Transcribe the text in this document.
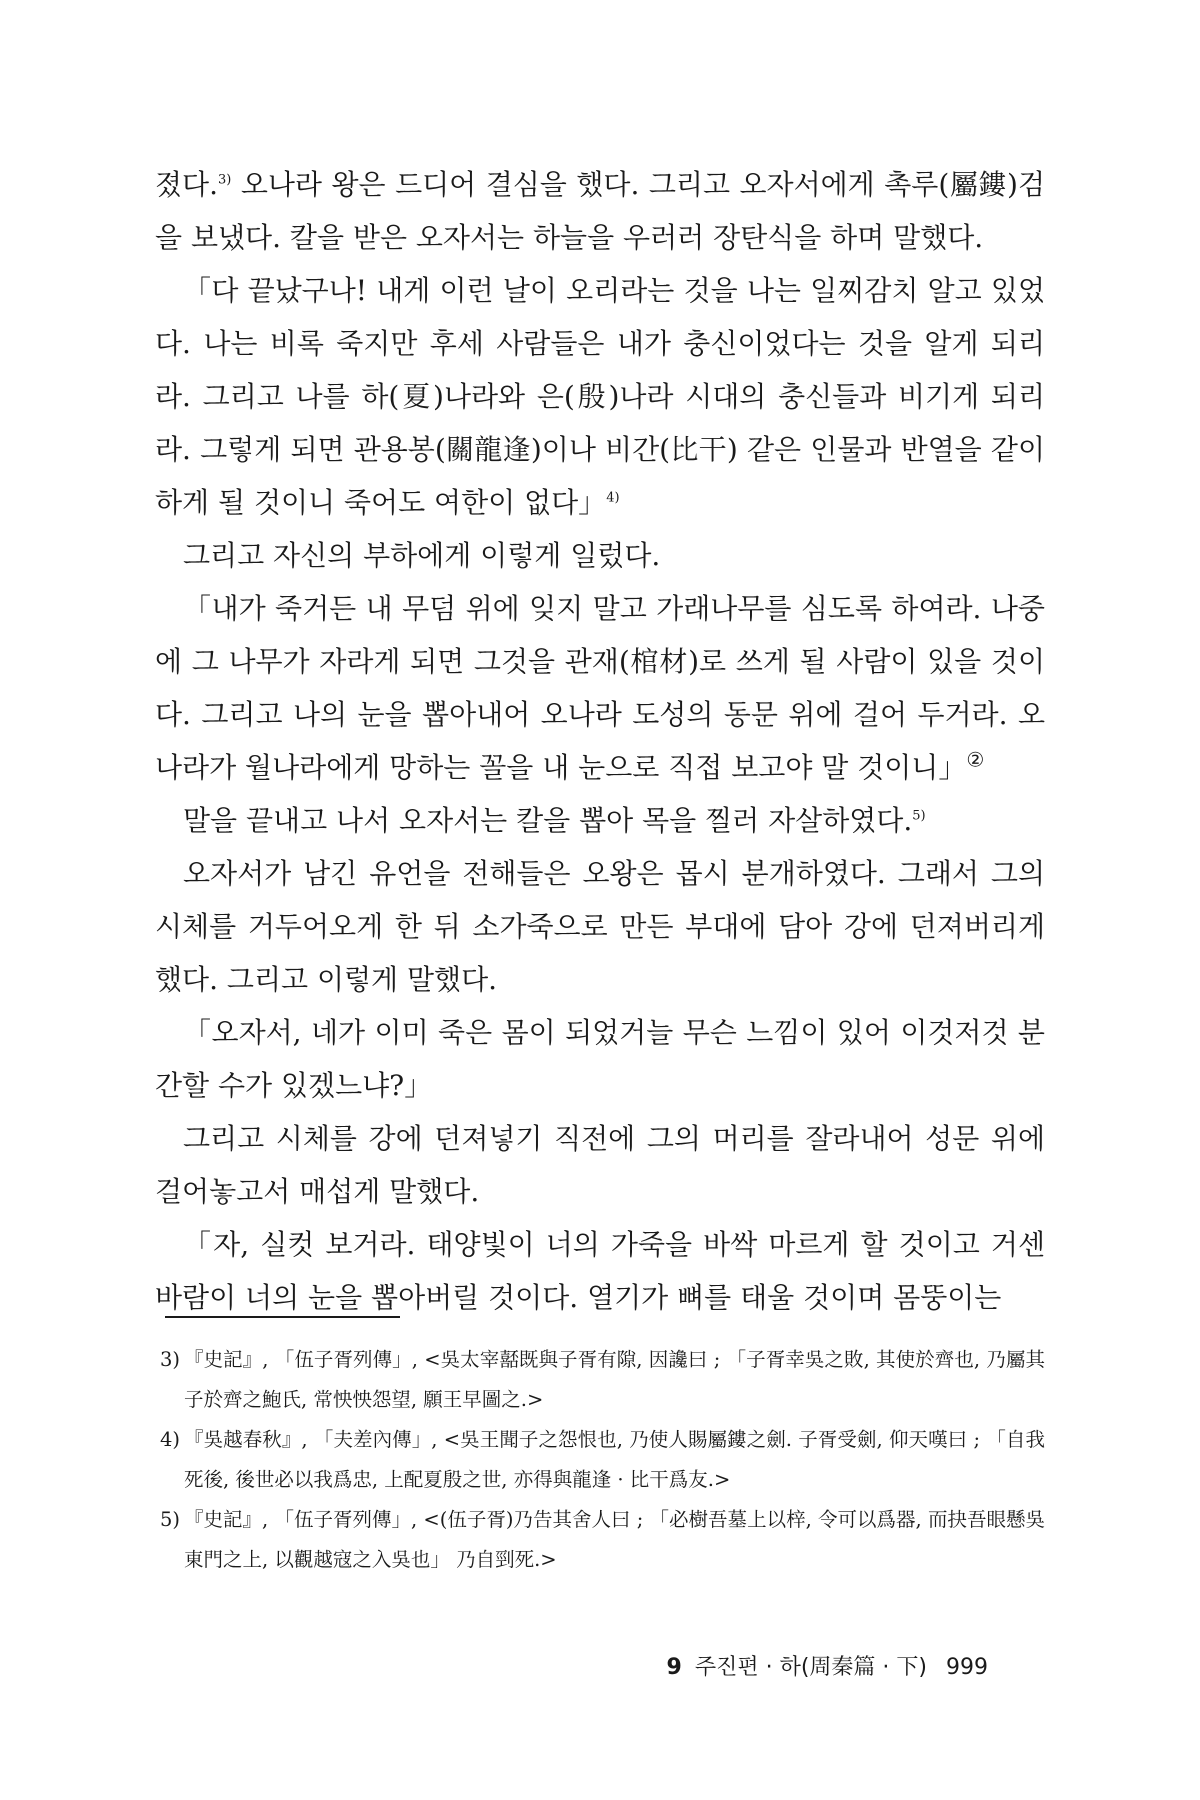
졌다.$^{3)}$ 오나라 왕은 드디어 결심을 했다. 그리고 오자서에게 촉루(屬鏤)검을 보냈다. 칼을 받은 오자서는 하늘을 우러러 장탄식을 하며 말했다.

「다 끝났구나! 내게 이런 날이 오리라는 것을 나는 일찌감치 알고 있었다. 나는 비록 죽지만 후세 사람들은 내가 충신이었다는 것을 알게 되리라. 그리고 나를 하(夏)나라와 은(殷)나라 시대의 충신들과 비기게 되리라. 그렇게 되면 관용봉(關龍逢)이나 비간(比干) 같은 인물과 반열을 같이하게 될 것이니 죽어도 여한이 없다」$^{4)}$

그리고 자신의 부하에게 이렇게 일렀다.

「내가 죽거든 내 무덤 위에 잊지 말고 가래나무를 심도록 하여라. 나중에 그 나무가 자라게 되면 그것을 관재(棺材)로 쓰게 될 사람이 있을 것이다. 그리고 나의 눈을 뽑아내어 오나라 도성의 동문 위에 걸어 두거라. 오나라가 월나라에게 망하는 꼴을 내 눈으로 직접 보고야 말 것이니」②

말을 끝내고 나서 오자서는 칼을 뽑아 목을 찔러 자살하였다.$^{5)}$

오자서가 남긴 유언을 전해들은 오왕은 몹시 분개하였다. 그래서 그의 시체를 거두어오게 한 뒤 소가죽으로 만든 부대에 담아 강에 던져버리게 했다. 그리고 이렇게 말했다.

「오자서, 네가 이미 죽은 몸이 되었거늘 무슨 느낌이 있어 이것저것 분간할 수가 있겠느냐?」

그리고 시체를 강에 던져넣기 직전에 그의 머리를 잘라내어 성문 위에 걸어놓고서 매섭게 말했다.

「자, 실컷 보거라. 태양빛이 너의 가죽을 바싹 마르게 할 것이고 거센 바람이 너의 눈을 뽑아버릴 것이다. 열기가 뼈를 태울 것이며 몸뚱이는

3) 『史記』, 「伍子胥列傳」, <吳太宰嚭既與子胥有隙, 因讒曰 ; 「子胥幸吳之敗, 其使於齊也, 乃屬其子於齊之鮑氏, 常怏怏怨望, 願王早圖之.>
4) 『吳越春秋』, 「夫差內傳」, <吳王聞子之怨恨也, 乃使人賜屬鏤之劍. 子胥受劍, 仰天嘆曰 ; 「自我死後, 後世必以我爲忠, 上配夏殷之世, 亦得與龍逢 · 比干爲友.>
5) 『史記』, 「伍子胥列傳」, <(伍子胥)乃告其舍人曰 ; 「必樹吾墓上以梓, 令可以爲器, 而抉吾眼懸吳東門之上, 以觀越寇之入吳也」 乃自剄死.>
9 주진편 · 하(周秦篇 · 下) 999
